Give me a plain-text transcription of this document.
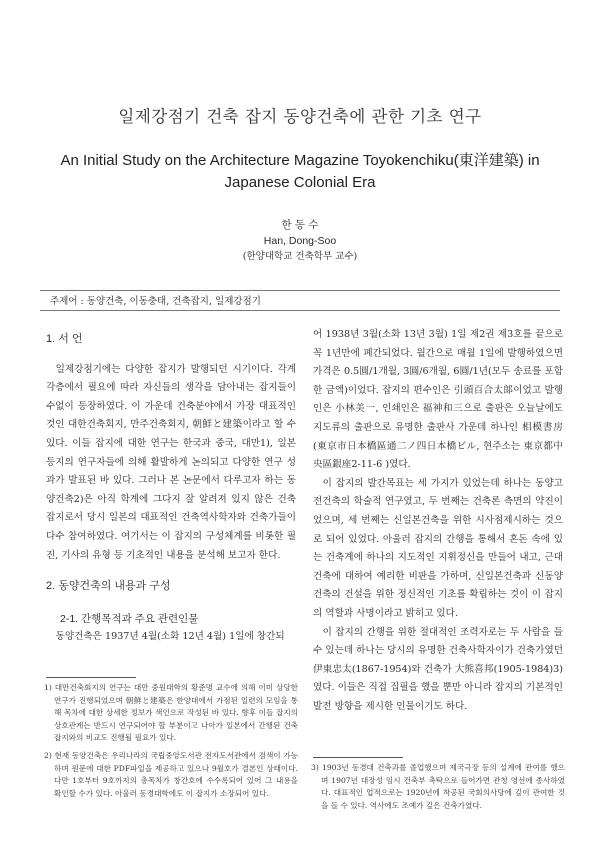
일제강점기 건축 잡지 동양건축에 관한 기초 연구
An Initial Study on the Architecture Magazine Toyokenchiku(東洋建築) in
Japanese Colonial Era
한 동 수
Han, Dong-Soo
(한양대학교 건축학부 교수)
주제어 : 동양건축, 이동충태, 건축잡지, 일제강점기
1. 서 언

일제강점기에는 다양한 잡지가 발행되던 시기이다. 각계각층에서 필요에 따라 자신들의 생각을 담아내는 잡지들이 수없이 등장하였다. 이 가운데 건축분야에서 가장 대표적인 것인 대한건축회지, 만주건축회지, 朝鮮と建築이라고 할 수 있다. 이들 잡지에 대한 연구는 한국과 중국, 대만1), 일본 등지의 연구자들에 의해 활발하게 논의되고 다양한 연구 성과가 발표된 바 있다. 그러나 본 논문에서 다루고자 하는 동양건축2)은 아직 학계에 그다지 잘 알려져 있지 않은 건축 잡지로서 당시 일본의 대표적인 건축역사학자와 건축가들이 다수 참여하였다. 여기서는 이 잡지의 구성체계를 비롯한 필진, 기사의 유형 등 기초적인 내용을 분석해 보고자 한다.

2. 동양건축의 내용과 구성
2-1. 간행목적과 주요 관련인물

동양건축은 1937년 4월(소화 12년 4월) 1일에 창간되

1) 대만건축회지의 연구는 대만 중원대학의 황준명 교수에 의해 이미 상당한 연구가 진행되었으며 朝鮮と建築은 한양대에서 가점된 일련의 모임을 통해 목차에 대한 상세한 정보가 색인으로 작성된 바 있다. 향후 이들 잡지의 상호관계는 반드시 연구되어야 할 부분이고 나아가 일본에서 간행된 건축잡지와의 비교도 진행될 필요가 있다.

2) 현재 동양건축은 우리나라의 국립중앙도서관 전자도서관에서 검색이 가능하며 원문에 대한 PDF파일을 제공하고 있으나 9월호가 결본인 상태이다. 다만 1호부터 9호까지의 총목차가 창간호에 수수록되어 있어 그 내용을 확인할 수가 있다. 아울러 동경대학에도 이 잡지가 소장되어 있다.

어 1938년 3월(소화 13년 3월) 1일 제2권 제3호를 끝으로 꼭 1년만에 폐간되었다. 월간으로 매월 1일에 발행하였으면 가격은 0.5圓/1개월, 3圓/6개월, 6圓/1년(모두 송료를 포함한 금액)이었다. 잡지의 편수인은 引頭百合太郞이었고 발행인은 小林美一, 인쇄인은 福神和三으로 출판은 오늘날에도 지도류의 출판으로 유명한 출판사 가운데 하나인 相模書房(東京市日本橋區通二ノ四日本橋ビル, 현주소는 東京都中央區銀座2-11-6 )였다.

이 잡지의 발간목표는 세 가지가 있었는데 하나는 동양고전건축의 학술적 연구였고, 두 번째는 건축론 측면의 약진이었으며, 세 번째는 신일본건축을 위한 시사점제시하는 것으로 되어 있었다. 아울러 잡지의 간행을 통해서 혼돈 속에 있는 건축계에 하나의 지도적인 지휘정신을 만들어 내고, 근대건축에 대하여 예리한 비판을 가하며, 신일본건축과 신동양건축의 건설을 위한 정신적인 기초를 확립하는 것이 이 잡지의 역할과 사명이라고 밝히고 있다.

이 잡지의 간행을 위한 절대적인 조력자로는 두 사람을 들 수 있는데 하나는 당시의 유명한 건축사학자이가 건축가였던 伊東忠太(1867-1954)와 건축가 大熊喜邦(1905-1984)3)였다. 이들은 직접 집필을 했을 뿐만 아니라 잡지의 기본적인 발전 방향을 제시한 인물이기도 하다.

3) 1903년 동경대 건축과를 졸업했으며 제국극장 등의 설계에 관여를 했으며 1907년 대장성 임시 건축부 촉탁으로 들어가면 관청 영선에 종사하였다. 대표적인 업적으로는 1920년에 착공된 국회의사당에 깊이 관여한 것을 들 수 있다. 역사에도 조예가 깊은 건축가였다.
